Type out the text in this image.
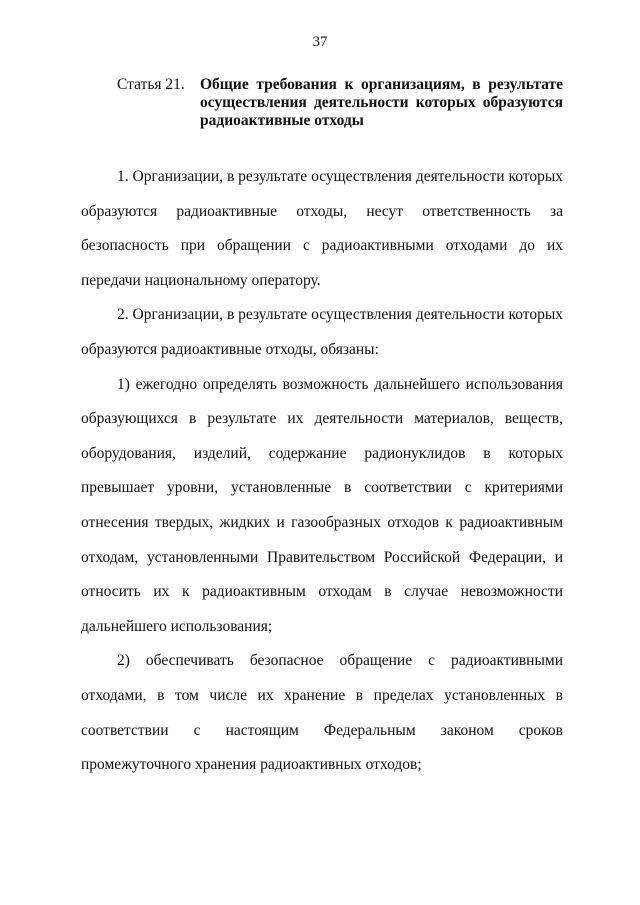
37
Статья 21. Общие требования к организациям, в результате осуществления деятельности которых образуются радиоактивные отходы

1. Организации, в результате осуществления деятельности которых образуются радиоактивные отходы, несут ответственность за безопасность при обращении с радиоактивными отходами до их передачи национальному оператору.

2. Организации, в результате осуществления деятельности которых образуются радиоактивные отходы, обязаны:

1) ежегодно определять возможность дальнейшего использования образующихся в результате их деятельности материалов, веществ, оборудования, изделий, содержание радионуклидов в которых превышает уровни, установленные в соответствии с критериями отнесения твердых, жидких и газообразных отходов к радиоактивным отходам, установленными Правительством Российской Федерации, и относить их к радиоактивным отходам в случае невозможности дальнейшего использования;

2) обеспечивать безопасное обращение с радиоактивными отходами, в том числе их хранение в пределах установленных в соответствии с настоящим Федеральным законом сроков промежуточного хранения радиоактивных отходов;
